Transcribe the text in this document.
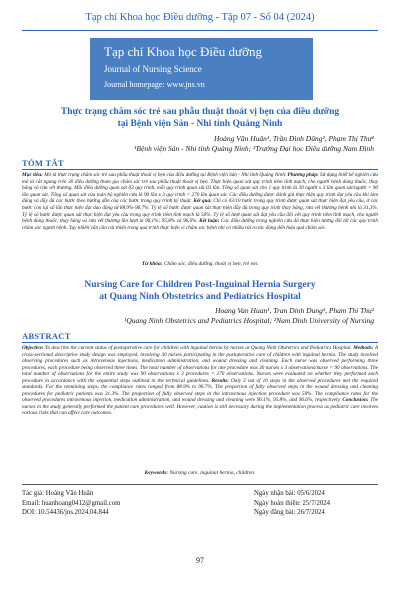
Tạp chí Khoa học Điều dưỡng - Tập 07 - Số 04 (2024)
Tạp chí Khoa học Điều dưỡng
Journal of Nursing Science
Journal homepage: www.jns.vn
Thực trạng chăm sóc trẻ sau phẫu thuật thoát vị bẹn của điều dưỡng
tại Bệnh viện Sản - Nhi tỉnh Quảng Ninh
Hoàng Văn Huân¹, Trần Đình Dũng², Phạm Thị Thư²
¹Bệnh viện Sản - Nhi tỉnh Quảng Ninh; ²Trường Đại học Điều dưỡng Nam Định
TÓM TẮT
Mục tiêu: Mô tả thực trạng chăm sóc trẻ sau phẫu thuật thoát vị bẹn của điều dưỡng tại Bệnh viện Sản - Nhi tỉnh Quảng Ninh. Phương pháp: Sử dụng thiết kế nghiên cứu mô tả cắt ngang trên 30 điều dưỡng tham gia chăm sóc trẻ sau phẫu thuật thoát vị bẹn. Thực hiện quan sát quy trình tiêm tĩnh mạch, cho người bệnh dùng thuốc, thay băng và rửa vết thương. Mỗi điều dưỡng quan sát 03 quy trình, mỗi quy trình quan sát 03 lần. Tổng số quan sát cho 1 quy trình là 30 người x 3 lần quan sát/người = 90 lần quan sát. Tổng số quan sát của toàn bộ nghiên cứu là 90 lần x 3 quy trình = 270 lần quan sát. Các điều dưỡng được đánh giá thực hiện quy trình đạt yêu cầu khi làm đúng và đầy đủ các bước theo hướng dẫn của các bước trong quy trình kỹ thuật. Kết quả: Chỉ có 03/10 bước trong quy trình được quan sát thực hiện đạt yêu cầu, ở các bước còn lại số lần thực hiện đạt dao động từ 88,9%-96,7%. Tỷ lệ số bước được quan sát thực hiện đầy đủ trong quy trình thay băng, rửa vết thương bệnh nhi là 31,3%. Tỷ lệ số bước được quan sát thực hiện đạt yêu cầu trong quy trình tiêm tĩnh mạch là 50%. Tỷ lệ số lượt quan sát đạt yêu cầu đối với quy trình tiêm tĩnh mạch, cho người bệnh dùng thuốc, thay băng và rửa vết thương lần lượt là 96,1%; 95,8% và 96,6%. Kết luận: Các điều dưỡng trong nghiên cứu đã thực hiện tương đối tốt các quy trình chăm sóc người bệnh. Tuy nhiên vẫn cần cải thiện trong quá trình thực hiện vì chăm sóc bệnh nhi có nhiều rủi ro tác động đến hiệu quả chăm sóc.
Từ khóa: Chăm sóc, điều dưỡng, thoát vị bẹn, trẻ em.
Nursing Care for Children Post-Inguinal Hernia Surgery
at Quang Ninh Obstetrics and Pediatrics Hospital
Hoang Van Huan¹, Tran Dinh Dung², Pham Thi Thu²
¹Quang Ninh Obstetrics and Pediatrics Hospital; ²Nam Dinh University of Nursing
ABSTRACT
Objective: To describe the current status of postoperative care for children with inguinal hernia by nurses at Quang Ninh Obstetrics and Pediatrics Hospital. Methods: A cross-sectional descriptive study design was employed, involving 30 nurses participating in the postoperative care of children with inguinal hernia. The study involved observing procedures such as intravenous injections, medication administration, and wound dressing and cleaning. Each nurse was observed performing three procedures, each procedure being observed three times. The total number of observations for one procedure was 30 nurses x 3 observations/nurse = 90 observations. The total number of observations for the entire study was 90 observations x 3 procedures = 270 observations. Nurses were evaluated on whether they performed each procedure in accordance with the sequential steps outlined in the technical guidelines. Results: Only 3 out of 10 steps in the observed procedures met the required standards. For the remaining steps, the compliance rates ranged from 88.9% to 96.7%. The proportion of fully observed steps in the wound dressing and cleaning procedures for pediatric patients was 31.3%. The proportion of fully observed steps in the intravenous injection procedure was 50%. The compliance rates for the observed procedures intravenous injection, medication administration, and wound dressing and cleaning were 96.1%, 95.8%, and 96.6%, respectively. Conclusion: The nurses in the study generally performed the patient care procedures well. However, caution is still necessary during the implementation process as pediatric care involves various risks that can affect care outcomes.
Keywords: Nursing care, inguinal hernia, children.
Tác giả: Hoàng Văn Huân
Email: huanhoang0412@gmail.com
DOI: 10.54436/jns.2024.04.844
Ngày nhận bài: 05/6/2024
Ngày hoàn thiện: 25/7/2024
Ngày đăng bài: 26/7/2024
97
